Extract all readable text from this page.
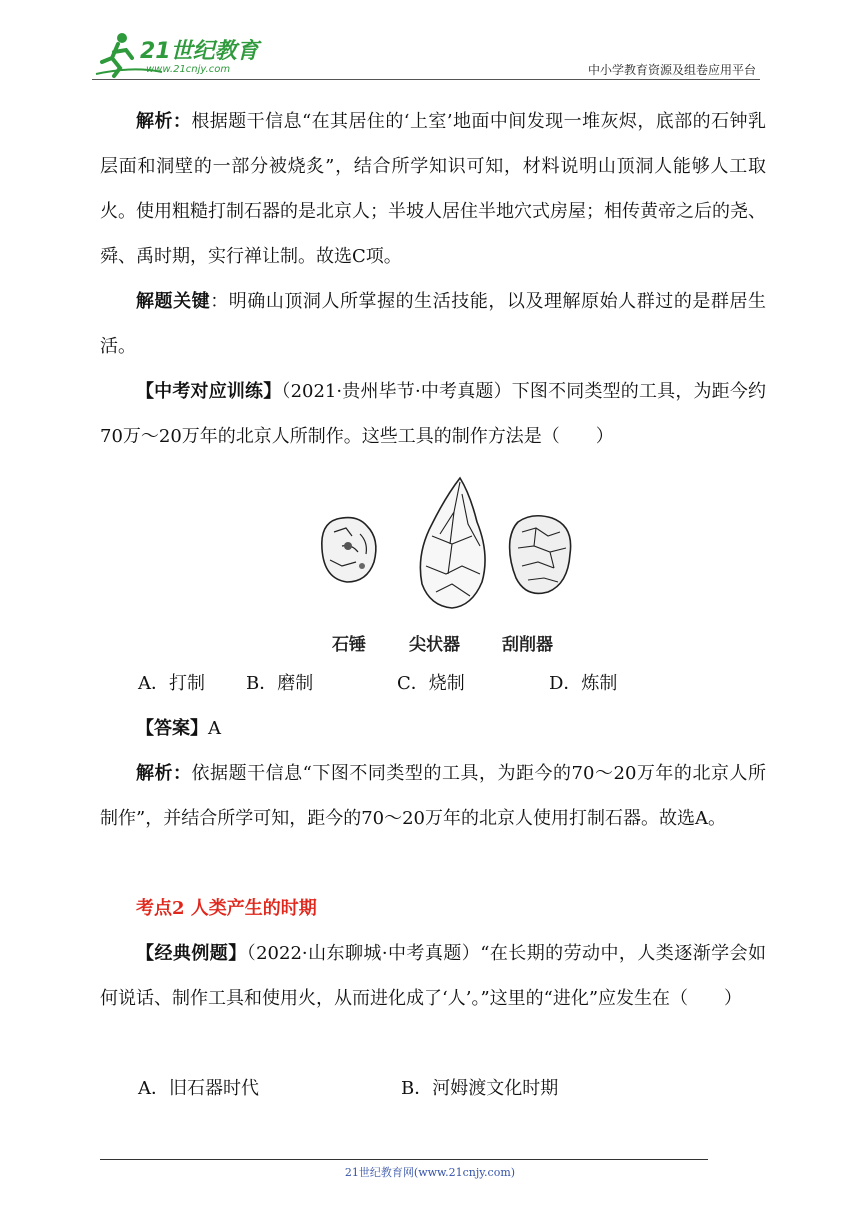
21世纪教育
www.21cnjy.com	中小学教育资源及组卷应用平台

解析：根据题干信息“在其居住的‘上室’地面中间发现一堆灰烬，底部的石钟乳层面和洞壁的一部分被烧炙”，结合所学知识可知，材料说明山顶洞人能够人工取火。使用粗糙打制石器的是北京人；半坡人居住半地穴式房屋；相传黄帝之后的尧、舜、禹时期，实行禅让制。故选C项。

解题关键：明确山顶洞人所掌握的生活技能，以及理解原始人群过的是群居生活。

【中考对应训练】（2021·贵州毕节·中考真题）下图不同类型的工具，为距今约70万～20万年的北京人所制作。这些工具的制作方法是（　　）

石锤	尖状器 刮削器
A．打制 B．磨制	C．烧制	D．炼制

【答案】A

解析：依据题干信息“下图不同类型的工具，为距今的70～20万年的北京人所制作”，并结合所学可知，距今的70～20万年的北京人使用打制石器。故选A。

考点2 人类产生的时期

【经典例题】（2022·山东聊城·中考真题）“在长期的劳动中，人类逐渐学会如何说话、制作工具和使用火，从而进化成了‘人’。”这里的“进化”应发生在（　　）

A．旧石器时代	B．河姆渡文化时期
21世纪教育网(www.21cnjy.com)
